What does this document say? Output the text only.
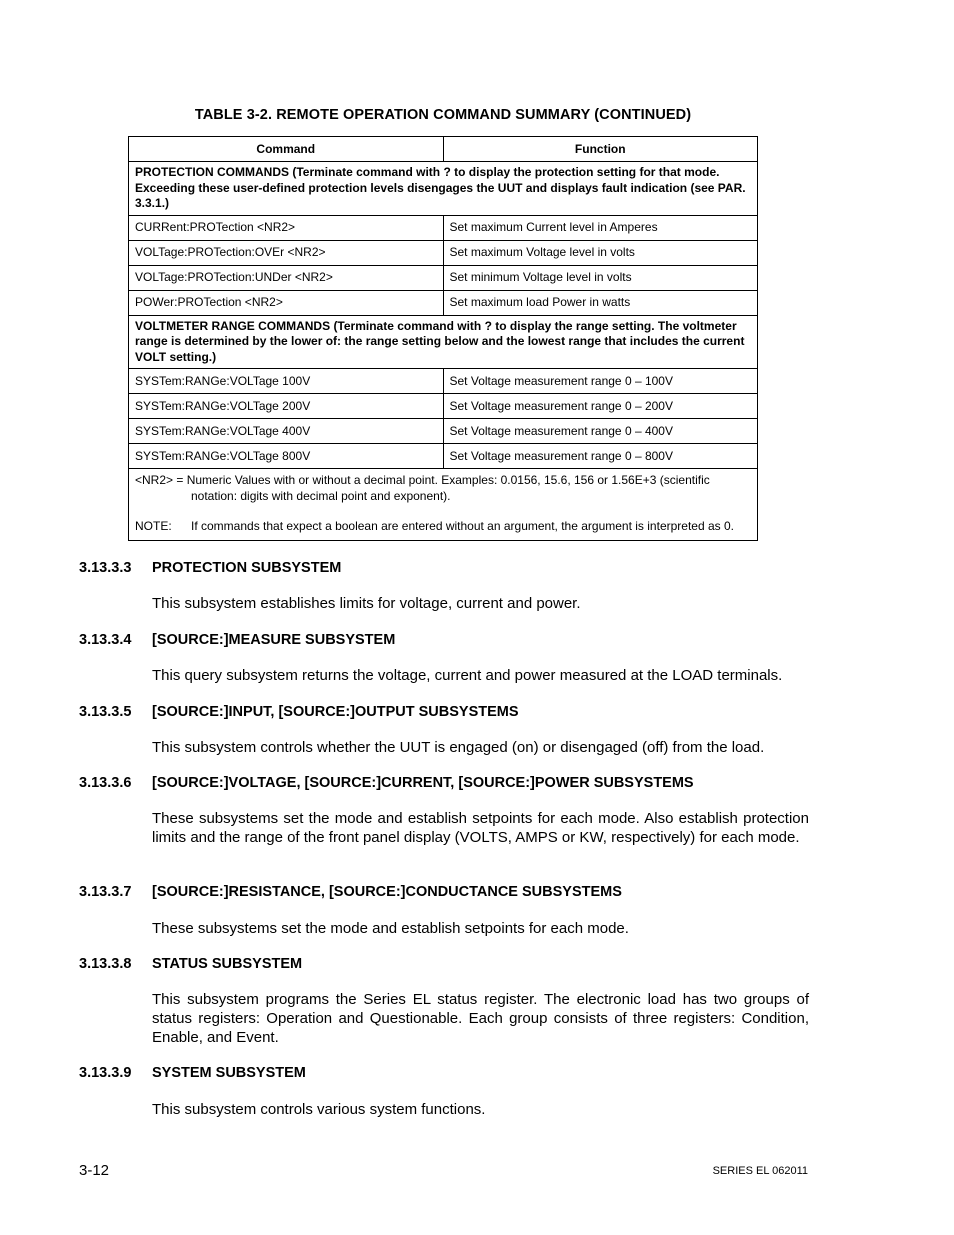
TABLE 3-2. REMOTE OPERATION COMMAND SUMMARY (CONTINUED)
Command	Function
PROTECTION COMMANDS (Terminate command with ? to display the protection setting for that mode. Exceeding these user-defined protection levels disengages the UUT and displays fault indication (see PAR. 3.3.1.)	
CURRent:PROTection <NR2>	Set maximum Current level in Amperes
VOLTage:PROTection:OVEr <NR2>	Set maximum Voltage level in volts
VOLTage:PROTection:UNDer <NR2>	Set minimum Voltage level in volts
POWer:PROTection <NR2>	Set maximum load Power in watts
VOLTMETER RANGE COMMANDS (Terminate command with ? to display the range setting. The voltmeter range is determined by the lower of: the range setting below and the lowest range that includes the current VOLT setting.)	
SYSTem:RANGe:VOLTage 100V	Set Voltage measurement range 0 – 100V
SYSTem:RANGe:VOLTage 200V	Set Voltage measurement range 0 – 200V
SYSTem:RANGe:VOLTage 400V	Set Voltage measurement range 0 – 400V
SYSTem:RANGe:VOLTage 800V	Set Voltage measurement range 0 – 800V

<NR2> = Numeric Values with or without a decimal point. Examples: 0.0156, 15.6, 156 or 1.56E+3 (scientific
notation: digits with decimal point and exponent).
NOTE: If commands that expect a boolean are entered without an argument, the argument is interpreted as 0.	
3.13.3.3 PROTECTION SUBSYSTEM
This subsystem establishes limits for voltage, current and power.
3.13.3.4 [SOURCE:]MEASURE SUBSYSTEM
This query subsystem returns the voltage, current and power measured at the LOAD terminals.
3.13.3.5 [SOURCE:]INPUT, [SOURCE:]OUTPUT SUBSYSTEMS
This subsystem controls whether the UUT is engaged (on) or disengaged (off) from the load.
3.13.3.6 [SOURCE:]VOLTAGE, [SOURCE:]CURRENT, [SOURCE:]POWER SUBSYSTEMS
These subsystems set the mode and establish setpoints for each mode. Also establish protection limits and the range of the front panel display (VOLTS, AMPS or KW, respectively) for each mode.
3.13.3.7 [SOURCE:]RESISTANCE, [SOURCE:]CONDUCTANCE SUBSYSTEMS
These subsystems set the mode and establish setpoints for each mode.
3.13.3.8 STATUS SUBSYSTEM
This subsystem programs the Series EL status register. The electronic load has two groups of status registers: Operation and Questionable. Each group consists of three registers: Condition, Enable, and Event.
3.13.3.9 SYSTEM SUBSYSTEM
This subsystem controls various system functions.
3-12	SERIES EL 062011
